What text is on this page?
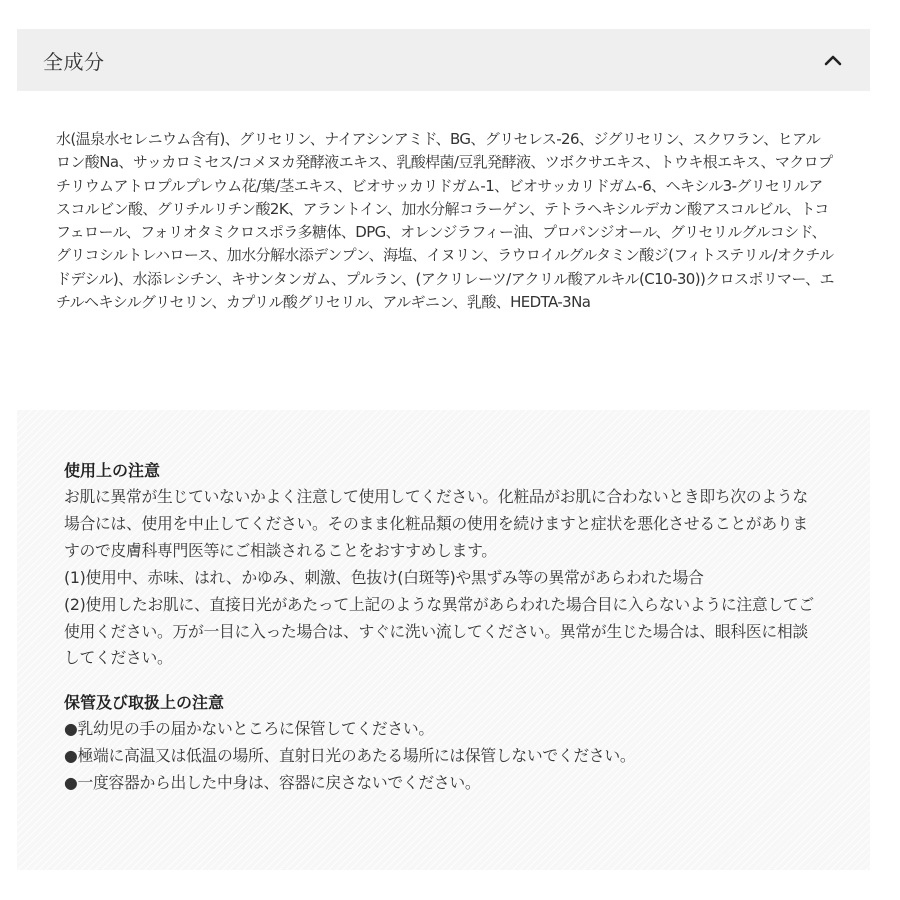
全成分

水(温泉水セレニウム含有)、グリセリン、ナイアシンアミド、BG、グリセレス-26、ジグリセリン、スクワラン、ヒアルロン酸Na、サッカロミセス/コメヌカ発酵液エキス、乳酸桿菌/豆乳発酵液、ツボクサエキス、トウキ根エキス、マクロプチリウムアトロプルプレウム花/葉/茎エキス、ビオサッカリドガム-1、ビオサッカリドガム-6、ヘキシル3-グリセリルアスコルビン酸、グリチルリチン酸2K、アラントイン、加水分解コラーゲン、テトラヘキシルデカン酸アスコルビル、トコフェロール、フォリオタミクロスポラ多糖体、DPG、オレンジラフィー油、プロパンジオール、グリセリルグルコシド、グリコシルトレハロース、加水分解水添デンプン、海塩、イヌリン、ラウロイルグルタミン酸ジ(フィトステリル/オクチルドデシル)、水添レシチン、キサンタンガム、プルラン、(アクリレーツ/アクリル酸アルキル(C10-30))クロスポリマー、エチルヘキシルグリセリン、カプリル酸グリセリル、アルギニン、乳酸、HEDTA-3Na

使用上の注意

お肌に異常が生じていないかよく注意して使用してください。化粧品がお肌に合わないとき即ち次のような場合には、使用を中止してください。そのまま化粧品類の使用を続けますと症状を悪化させることがありますので皮膚科専門医等にご相談されることをおすすめします。
(1)使用中、赤味、はれ、かゆみ、刺激、色抜け(白斑等)や黒ずみ等の異常があらわれた場合
(2)使用したお肌に、直接日光があたって上記のような異常があらわれた場合目に入らないように注意してご使用ください。万が一目に入った場合は、すぐに洗い流してください。異常が生じた場合は、眼科医に相談してください。

保管及び取扱上の注意

●乳幼児の手の届かないところに保管してください。
●極端に高温又は低温の場所、直射日光のあたる場所には保管しないでください。
●一度容器から出した中身は、容器に戻さないでください。
